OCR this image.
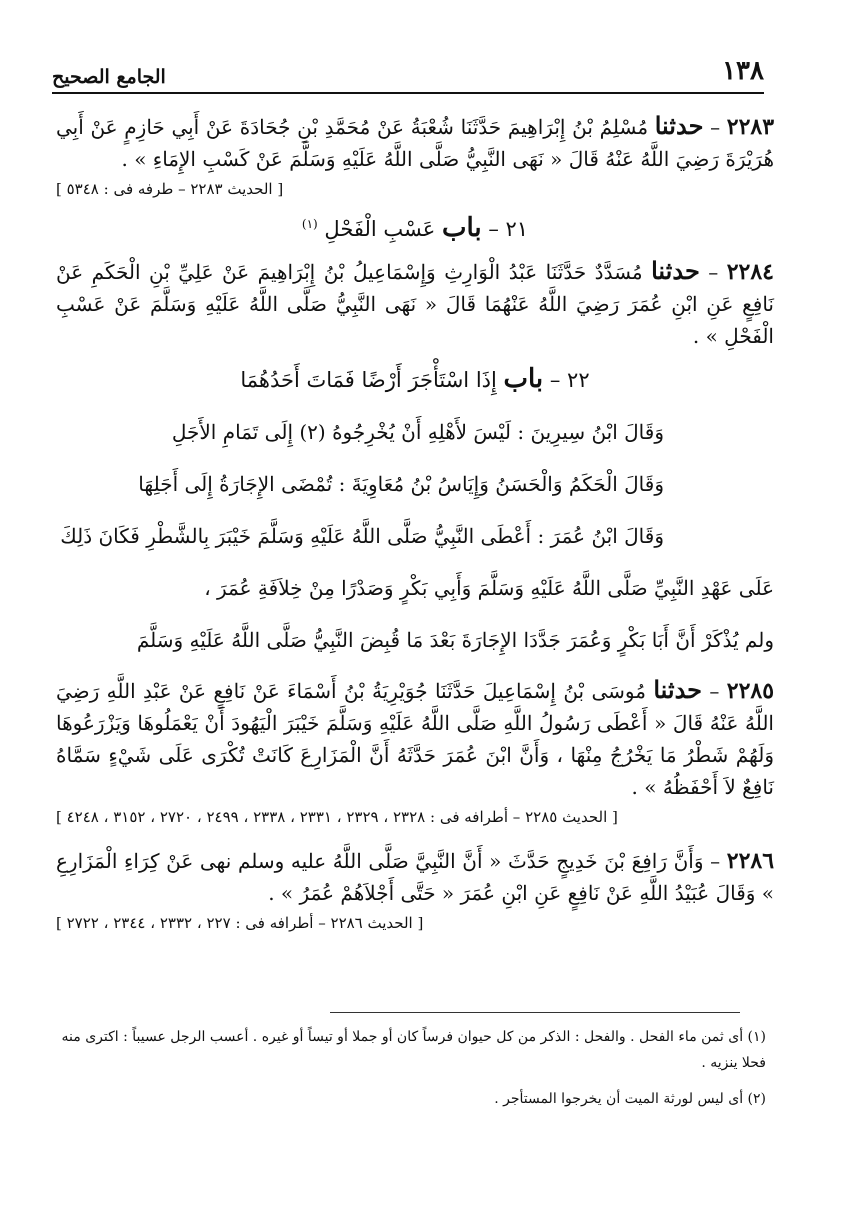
١٣٨
الجامع الصحيح

٢٢٨٣ – حدثنا مُسْلِمُ بْنُ إِبْرَاهِيمَ حَدَّثَنَا شُعْبَةُ عَنْ مُحَمَّدِ بْنِ جُحَادَةَ عَنْ أَبِي حَازِمٍ عَنْ أَبِي هُرَيْرَةَ رَضِيَ اللَّهُ عَنْهُ قَالَ « نَهَى النَّبِيُّ صَلَّى اللَّهُ عَلَيْهِ وَسَلَّمَ عَنْ كَسْبِ الإِمَاءِ » .

[ الحديث ٢٢٨٣ – طرفه فى : ٥٣٤٨ ]
٢١ – باب عَسْبِ الْفَحْلِ $^{(١)}$

٢٢٨٤ – حدثنا مُسَدَّدٌ حَدَّثَنَا عَبْدُ الْوَارِثِ وَإِسْمَاعِيلُ بْنُ إِبْرَاهِيمَ عَنْ عَلِيِّ بْنِ الْحَكَمِ عَنْ نَافِعٍ عَنِ ابْنِ عُمَرَ رَضِيَ اللَّهُ عَنْهُمَا قَالَ « نَهَى النَّبِيُّ صَلَّى اللَّهُ عَلَيْهِ وَسَلَّمَ عَنْ عَسْبِ الْفَحْلِ » .

٢٢ – باب إِذَا اسْتَأْجَرَ أَرْضًا فَمَاتَ أَحَدُهُمَا
وَقَالَ ابْنُ سِيرِينَ : لَيْسَ لأَهْلِهِ أَنْ يُخْرِجُوهُ (٢) إِلَى تَمَامِ الأَجَلِ
وَقَالَ الْحَكَمُ وَالْحَسَنُ وَإِيَاسُ بْنُ مُعَاوِيَةَ : تُمْضَى الإِجَارَةُ إِلَى أَجَلِهَا
وَقَالَ ابْنُ عُمَرَ : أَعْطَى النَّبِيُّ صَلَّى اللَّهُ عَلَيْهِ وَسَلَّمَ خَيْبَرَ بِالشَّطْرِ فَكَانَ ذَلِكَ
عَلَى عَهْدِ النَّبِيِّ صَلَّى اللَّهُ عَلَيْهِ وَسَلَّمَ وَأَبِي بَكْرٍ وَصَدْرًا مِنْ خِلاَفَةِ عُمَرَ ،
ولم يُذْكَرْ أَنَّ أَبَا بَكْرٍ وَعُمَرَ جَدَّدَا الإِجَارَةَ بَعْدَ مَا قُبِضَ النَّبِيُّ صَلَّى اللَّهُ عَلَيْهِ وَسَلَّمَ

٢٢٨٥ – حدثنا مُوسَى بْنُ إِسْمَاعِيلَ حَدَّثَنَا جُوَيْرِيَةُ بْنُ أَسْمَاءَ عَنْ نَافِعٍ عَنْ عَبْدِ اللَّهِ رَضِيَ اللَّهُ عَنْهُ قَالَ « أَعْطَى رَسُولُ اللَّهِ صَلَّى اللَّهُ عَلَيْهِ وَسَلَّمَ خَيْبَرَ الْيَهُودَ أَنْ يَعْمَلُوهَا وَيَزْرَعُوهَا وَلَهُمْ شَطْرُ مَا يَخْرُجُ مِنْهَا ، وَأَنَّ ابْنَ عُمَرَ حَدَّثَهُ أَنَّ الْمَزَارِعَ كَانَتْ تُكْرَى عَلَى شَيْءٍ سَمَّاهُ نَافِعٌ لاَ أَحْفَظُهُ » .

[ الحديث ٢٢٨٥ – أطرافه فى : ٢٣٢٨ ، ٢٣٢٩ ، ٢٣٣١ ، ٢٣٣٨ ، ٢٤٩٩ ، ٢٧٢٠ ، ٣١٥٢ ، ٤٢٤٨ ]

٢٢٨٦ – وَأَنَّ رَافِعَ بْنَ خَدِيجٍ حَدَّثَ « أَنَّ النَّبِيَّ صَلَّى اللَّهُ عليه وسلم نهى عَنْ كِرَاءِ الْمَزَارِعِ » وَقَالَ عُبَيْدُ اللَّهِ عَنْ نَافِعٍ عَنِ ابْنِ عُمَرَ « حَتَّى أَجْلاَهُمْ عُمَرُ » .

[ الحديث ٢٢٨٦ – أطرافه فى : ٢٢٧ ، ٢٣٣٢ ، ٢٣٤٤ ، ٢٧٢٢ ]

(١) أى ثمن ماء الفحل . والفحل : الذكر من كل حيوان فرساً كان أو جملا أو تيساً أو غيره . أعسب الرجل عسيباً : اكترى منه فحلا ينزيه .

(٢) أى ليس لورثة الميت أن يخرجوا المستأجر .
